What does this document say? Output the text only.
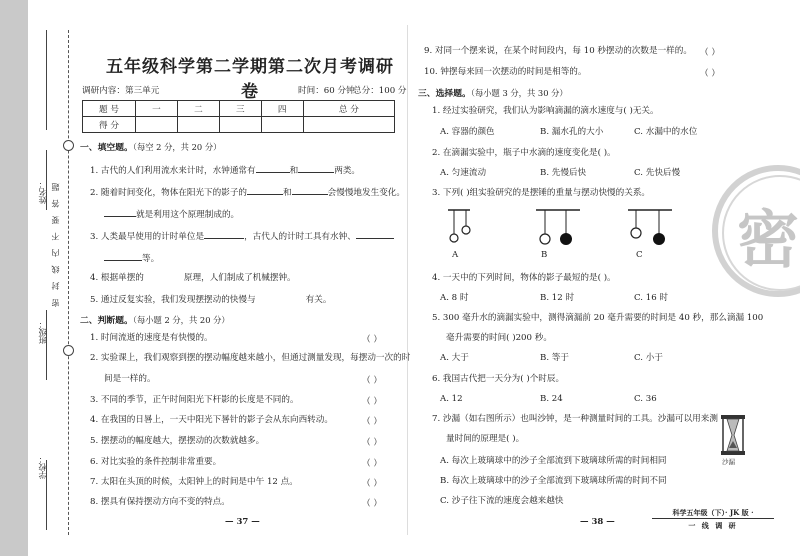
姓名：
班级：
学校：
密 封 线 内 不 要 答 题
五年级科学第二学期第二次月考调研卷
调研内容：第三单元	时间：60 分钟
总分：100 分
题 号	一	二	三	四	总 分
得 分					
一、填空题。（每空 2 分，共 20 分）
1. 古代的人们利用流水来计时，水钟通常有	和	两类。
2. 随着时间变化，物体在阳光下的影子的	和	会慢慢地发生变化。
就是利用这个原理制成的。
3. 人类最早使用的计时单位是	，古代人的计时工具有水钟、
等。
4. 根据单摆的	原理，人们制成了机械摆钟。
5. 通过反复实验，我们发现摆摆动的快慢与	有关。
二、判断题。（每小题 2 分，共 20 分）
1. 时间流逝的速度是有快慢的。	（ ）
2. 实验课上，我们观察到摆的摆动幅度越来越小，但通过测量发现，每摆动一次的时
间是一样的。	（ ）
3. 不同的季节，正午时间阳光下杆影的长度是不同的。	（ ）
4. 在我国的日晷上，一天中阳光下晷针的影子会从东向西转动。	（ ）
5. 摆摆动的幅度越大，摆摆动的次数就越多。	（ ）
6. 对比实验的条件控制非常重要。	（ ）
7. 太阳在头顶的时候，太阳钟上的时间是中午 12 点。	（ ）
8. 摆具有保持摆动方向不变的特点。	（ ）
— 37 —
密
9. 对同一个摆来说，在某个时间段内，每 10 秒摆动的次数是一样的。 （ ）
10. 钟摆每来回一次摆动的时间是相等的。	（ ）
三、选择题。（每小题 3 分，共 30 分）
1. 经过实验研究，我们认为影响滴漏的滴水速度与( )无关。
A. 容器的颜色	B. 漏水孔的大小	C. 水漏中的水位
2. 在滴漏实验中，瓶子中水滴的速度变化是( )。
A. 匀速流动	B. 先慢后快	C. 先快后慢
3. 下列( )组实验研究的是摆锤的重量与摆动快慢的关系。
A	B	C
4. 一天中的下列时间，物体的影子最短的是( )。
A. 8 时	B. 12 时	C. 16 时
5. 300 毫升水的滴漏实验中，测得滴漏前 20 毫升需要的时间是 40 秒，那么滴漏 100
毫升需要的时间( )200 秒。
A. 大于	B. 等于	C. 小于
6. 我国古代把一天分为( )个时辰。
A. 12	B. 24	C. 36
7. 沙漏（如右图所示）也叫沙钟，是一种测量时间的工具。沙漏可以用来测
量时间的原理是( )。
A. 每次上玻璃球中的沙子全部流到下玻璃球所需的时间相同
B. 每次上玻璃球中的沙子全部流到下玻璃球所需的时间不同
C. 沙子往下流的速度会越来越快
沙漏
— 38 —
科学五年级（下）· JK 版 ·
一 线 调 研
